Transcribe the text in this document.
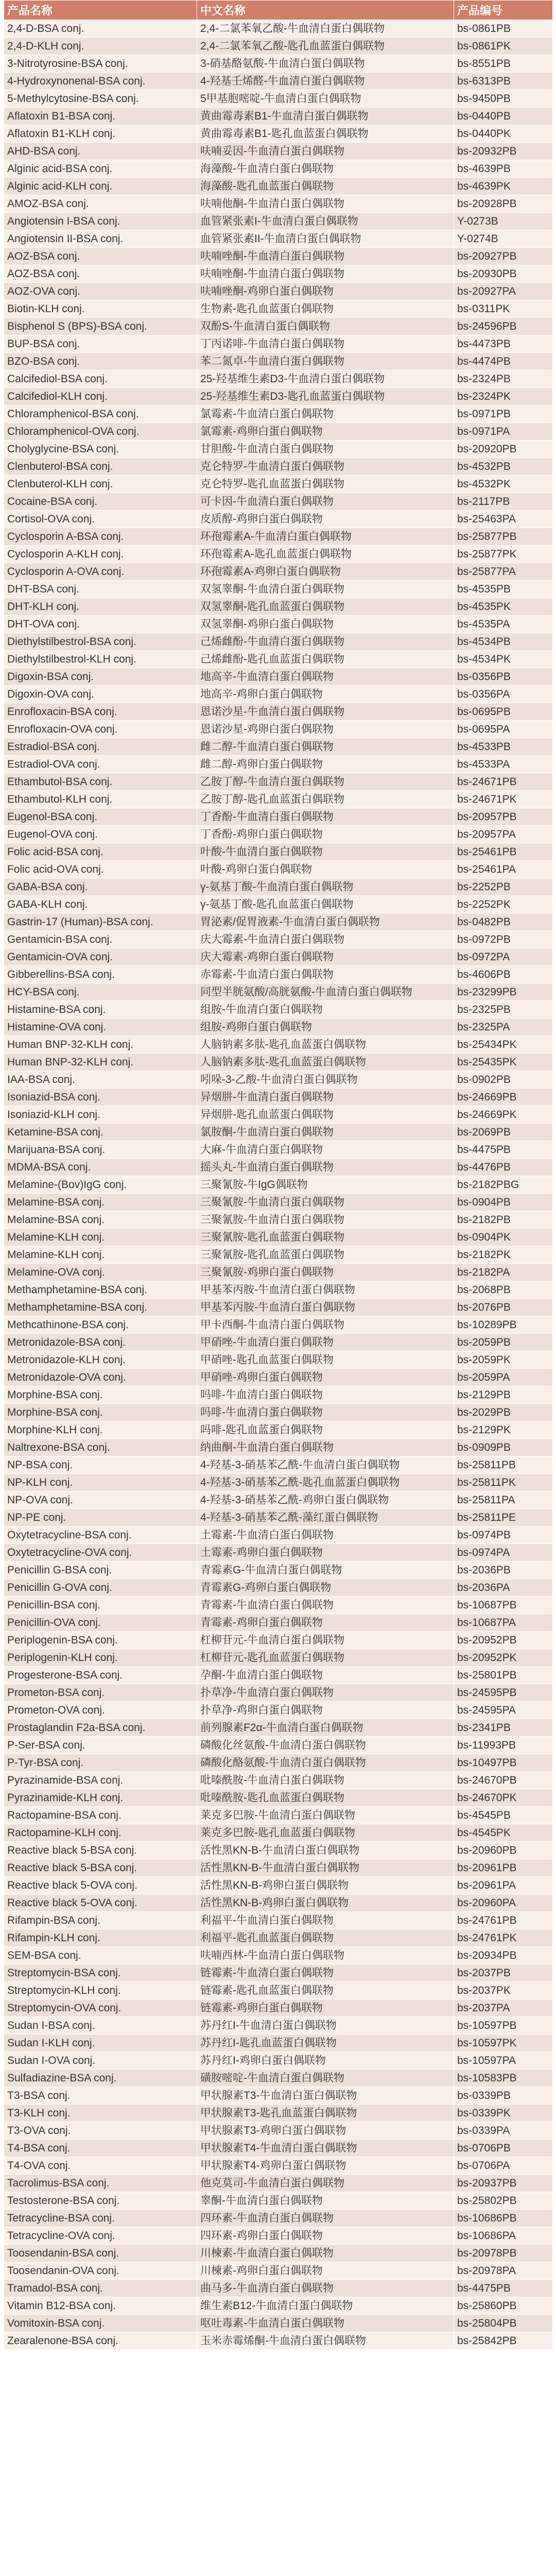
产品名称	中文名称	产品编号
2,4-D-BSA conj.	2,4-二氯苯氧乙酸-牛血清白蛋白偶联物	bs-0861PB
2,4-D-KLH conj.	2,4-二氯苯氧乙酸-匙孔血蓝蛋白偶联物	bs-0861PK
3-Nitrotyrosine-BSA conj.	3-硝基酪氨酸-牛血清白蛋白偶联物	bs-8551PB
4-Hydroxynonenal-BSA conj.	4-羟基壬烯醛-牛血清白蛋白偶联物	bs-6313PB
5-Methylcytosine-BSA conj.	5甲基胞嘧啶-牛血清白蛋白偶联物	bs-9450PB
Aflatoxin B1-BSA conj.	黄曲霉毒素B1-牛血清白蛋白偶联物	bs-0440PB
Aflatoxin B1-KLH conj.	黄曲霉毒素B1-匙孔血蓝蛋白偶联物	bs-0440PK
AHD-BSA conj.	呋喃妥因-牛血清白蛋白偶联物	bs-20932PB
Alginic acid-BSA conj.	海藻酸-牛血清白蛋白偶联物	bs-4639PB
Alginic acid-KLH conj.	海藻酸-匙孔血蓝蛋白偶联物	bs-4639PK
AMOZ-BSA conj.	呋喃他酮-牛血清白蛋白偶联物	bs-20928PB
Angiotensin I-BSA conj.	血管紧张素I-牛血清白蛋白偶联物	Y-0273B
Angiotensin II-BSA conj.	血管紧张素II-牛血清白蛋白偶联物	Y-0274B
AOZ-BSA conj.	呋喃唑酮-牛血清白蛋白偶联物	bs-20927PB
AOZ-BSA conj.	呋喃唑酮-牛血清白蛋白偶联物	bs-20930PB
AOZ-OVA conj.	呋喃唑酮-鸡卵白蛋白偶联物	bs-20927PA
Biotin-KLH conj.	生物素-匙孔血蓝蛋白偶联物	bs-0311PK
Bisphenol S (BPS)-BSA conj.	双酚S-牛血清白蛋白偶联物	bs-24596PB
BUP-BSA conj.	丁丙诺啡-牛血清白蛋白偶联物	bs-4473PB
BZO-BSA conj.	苯二氮卓-牛血清白蛋白偶联物	bs-4474PB
Calcifediol-BSA conj.	25-羟基维生素D3-牛血清白蛋白偶联物	bs-2324PB
Calcifediol-KLH conj.	25-羟基维生素D3-匙孔血蓝蛋白偶联物	bs-2324PK
Chloramphenicol-BSA conj.	氯霉素-牛血清白蛋白偶联物	bs-0971PB
Chloramphenicol-OVA conj.	氯霉素-鸡卵白蛋白偶联物	bs-0971PA
Cholyglycine-BSA conj.	甘胆酸-牛血清白蛋白偶联物	bs-20920PB
Clenbuterol-BSA conj.	克仑特罗-牛血清白蛋白偶联物	bs-4532PB
Clenbuterol-KLH conj.	克仑特罗-匙孔血蓝蛋白偶联物	bs-4532PK
Cocaine-BSA conj.	可卡因-牛血清白蛋白偶联物	bs-2117PB
Cortisol-OVA conj.	皮质醇-鸡卵白蛋白偶联物	bs-25463PA
Cyclosporin A-BSA conj.	环孢霉素A-牛血清白蛋白偶联物	bs-25877PB
Cyclosporin A-KLH conj.	环孢霉素A-匙孔血蓝蛋白偶联物	bs-25877PK
Cyclosporin A-OVA conj.	环孢霉素A-鸡卵白蛋白偶联物	bs-25877PA
DHT-BSA conj.	双氢睾酮-牛血清白蛋白偶联物	bs-4535PB
DHT-KLH conj.	双氢睾酮-匙孔血蓝蛋白偶联物	bs-4535PK
DHT-OVA conj.	双氢睾酮-鸡卵白蛋白偶联物	bs-4535PA
Diethylstilbestrol-BSA conj.	己烯雌酚-牛血清白蛋白偶联物	bs-4534PB
Diethylstilbestrol-KLH conj.	己烯雌酚-匙孔血蓝蛋白偶联物	bs-4534PK
Digoxin-BSA conj.	地高辛-牛血清白蛋白偶联物	bs-0356PB
Digoxin-OVA conj.	地高辛-鸡卵白蛋白偶联物	bs-0356PA
Enrofloxacin-BSA conj.	恩诺沙星-牛血清白蛋白偶联物	bs-0695PB
Enrofloxacin-OVA conj.	恩诺沙星-鸡卵白蛋白偶联物	bs-0695PA
Estradiol-BSA conj.	雌二醇-牛血清白蛋白偶联物	bs-4533PB
Estradiol-OVA conj.	雌二醇-鸡卵白蛋白偶联物	bs-4533PA
Ethambutol-BSA conj.	乙胺丁醇-牛血清白蛋白偶联物	bs-24671PB
Ethambutol-KLH conj.	乙胺丁醇-匙孔血蓝蛋白偶联物	bs-24671PK
Eugenol-BSA conj.	丁香酚-牛血清白蛋白偶联物	bs-20957PB
Eugenol-OVA conj.	丁香酚-鸡卵白蛋白偶联物	bs-20957PA
Folic acid-BSA conj.	叶酸-牛血清白蛋白偶联物	bs-25461PB
Folic acid-OVA conj.	叶酸-鸡卵白蛋白偶联物	bs-25461PA
GABA-BSA conj.	γ-氨基丁酸-牛血清白蛋白偶联物	bs-2252PB
GABA-KLH conj.	γ-氨基丁酸-匙孔血蓝蛋白偶联物	bs-2252PK
Gastrin-17 (Human)-BSA conj.	胃泌素/促胃液素-牛血清白蛋白偶联物	bs-0482PB
Gentamicin-BSA conj.	庆大霉素-牛血清白蛋白偶联物	bs-0972PB
Gentamicin-OVA conj.	庆大霉素-鸡卵白蛋白偶联物	bs-0972PA
Gibberellins-BSA conj.	赤霉素-牛血清白蛋白偶联物	bs-4606PB
HCY-BSA conj.	同型半胱氨酸/高胱氨酸-牛血清白蛋白偶联物	bs-23299PB
Histamine-BSA conj.	组胺-牛血清白蛋白偶联物	bs-2325PB
Histamine-OVA conj.	组胺-鸡卵白蛋白偶联物	bs-2325PA
Human BNP-32-KLH conj.	人脑钠素多肽-匙孔血蓝蛋白偶联物	bs-25434PK
Human BNP-32-KLH conj.	人脑钠素多肽-匙孔血蓝蛋白偶联物	bs-25435PK
IAA-BSA conj.	吲哚-3-乙酸-牛血清白蛋白偶联物	bs-0902PB
Isoniazid-BSA conj.	异烟肼-牛血清白蛋白偶联物	bs-24669PB
Isoniazid-KLH conj.	异烟肼-匙孔血蓝蛋白偶联物	bs-24669PK
Ketamine-BSA conj.	氯胺酮-牛血清白蛋白偶联物	bs-2069PB
Marijuana-BSA conj.	大麻-牛血清白蛋白偶联物	bs-4475PB
MDMA-BSA conj.	摇头丸-牛血清白蛋白偶联物	bs-4476PB
Melamine-(Bov)IgG conj.	三聚氰胺-牛IgG偶联物	bs-2182PBG
Melamine-BSA conj.	三聚氰胺-牛血清白蛋白偶联物	bs-0904PB
Melamine-BSA conj.	三聚氰胺-牛血清白蛋白偶联物	bs-2182PB
Melamine-KLH conj.	三聚氰胺-匙孔血蓝蛋白偶联物	bs-0904PK
Melamine-KLH conj.	三聚氰胺-匙孔血蓝蛋白偶联物	bs-2182PK
Melamine-OVA conj.	三聚氰胺-鸡卵白蛋白偶联物	bs-2182PA
Methamphetamine-BSA conj.	甲基苯丙胺-牛血清白蛋白偶联物	bs-2068PB
Methamphetamine-BSA conj.	甲基苯丙胺-牛血清白蛋白偶联物	bs-2076PB
Methcathinone-BSA conj.	甲卡西酮-牛血清白蛋白偶联物	bs-10289PB
Metronidazole-BSA conj.	甲硝唑-牛血清白蛋白偶联物	bs-2059PB
Metronidazole-KLH conj.	甲硝唑-匙孔血蓝蛋白偶联物	bs-2059PK
Metronidazole-OVA conj.	甲硝唑-鸡卵白蛋白偶联物	bs-2059PA
Morphine-BSA conj.	吗啡-牛血清白蛋白偶联物	bs-2129PB
Morphine-BSA conj.	吗啡-牛血清白蛋白偶联物	bs-2029PB
Morphine-KLH conj.	吗啡-匙孔血蓝蛋白偶联物	bs-2129PK
Naltrexone-BSA conj.	纳曲酮-牛血清白蛋白偶联物	bs-0909PB
NP-BSA conj.	4-羟基-3-硝基苯乙酰-牛血清白蛋白偶联物	bs-25811PB
NP-KLH conj.	4-羟基-3-硝基苯乙酰-匙孔血蓝蛋白偶联物	bs-25811PK
NP-OVA conj.	4-羟基-3-硝基苯乙酰-鸡卵白蛋白偶联物	bs-25811PA
NP-PE conj.	4-羟基-3-硝基苯乙酰-藻红蛋白偶联物	bs-25811PE
Oxytetracycline-BSA conj.	土霉素-牛血清白蛋白偶联物	bs-0974PB
Oxytetracycline-OVA conj.	土霉素-鸡卵白蛋白偶联物	bs-0974PA
Penicillin G-BSA conj.	青霉素G-牛血清白蛋白偶联物	bs-2036PB
Penicillin G-OVA conj.	青霉素G-鸡卵白蛋白偶联物	bs-2036PA
Penicillin-BSA conj.	青霉素-牛血清白蛋白偶联物	bs-10687PB
Penicillin-OVA conj.	青霉素-鸡卵白蛋白偶联物	bs-10687PA
Periplogenin-BSA conj.	杠柳苷元-牛血清白蛋白偶联物	bs-20952PB
Periplogenin-KLH conj.	杠柳苷元-匙孔血蓝蛋白偶联物	bs-20952PK
Progesterone-BSA conj.	孕酮-牛血清白蛋白偶联物	bs-25801PB
Prometon-BSA conj.	扑草净-牛血清白蛋白偶联物	bs-24595PB
Prometon-OVA conj.	扑草净-鸡卵白蛋白偶联物	bs-24595PA
Prostaglandin F2a-BSA conj.	前列腺素F2α-牛血清白蛋白偶联物	bs-2341PB
P-Ser-BSA conj.	磷酸化丝氨酸-牛血清白蛋白偶联物	bs-11993PB
P-Tyr-BSA conj.	磷酸化酪氨酸-牛血清白蛋白偶联物	bs-10497PB
Pyrazinamide-BSA conj.	吡嗪酰胺-牛血清白蛋白偶联物	bs-24670PB
Pyrazinamide-KLH conj.	吡嗪酰胺-匙孔血蓝蛋白偶联物	bs-24670PK
Ractopamine-BSA conj.	莱克多巴胺-牛血清白蛋白偶联物	bs-4545PB
Ractopamine-KLH conj.	莱克多巴胺-匙孔血蓝蛋白偶联物	bs-4545PK
Reactive black 5-BSA conj.	活性黑KN-B-牛血清白蛋白偶联物	bs-20960PB
Reactive black 5-BSA conj.	活性黑KN-B-牛血清白蛋白偶联物	bs-20961PB
Reactive black 5-OVA conj.	活性黑KN-B-鸡卵白蛋白偶联物	bs-20961PA
Reactive black 5-OVA conj.	活性黑KN-B-鸡卵白蛋白偶联物	bs-20960PA
Rifampin-BSA conj.	利福平-牛血清白蛋白偶联物	bs-24761PB
Rifampin-KLH conj.	利福平-匙孔血蓝蛋白偶联物	bs-24761PK
SEM-BSA conj.	呋喃西林-牛血清白蛋白偶联物	bs-20934PB
Streptomycin-BSA conj.	链霉素-牛血清白蛋白偶联物	bs-2037PB
Streptomycin-KLH conj.	链霉素-匙孔血蓝蛋白偶联物	bs-2037PK
Streptomycin-OVA conj.	链霉素-鸡卵白蛋白偶联物	bs-2037PA
Sudan I-BSA conj.	苏丹红I-牛血清白蛋白偶联物	bs-10597PB
Sudan I-KLH conj.	苏丹红I-匙孔血蓝蛋白偶联物	bs-10597PK
Sudan I-OVA conj.	苏丹红I-鸡卵白蛋白偶联物	bs-10597PA
Sulfadiazine-BSA conj.	磺胺嘧啶-牛血清白蛋白偶联物	bs-10583PB
T3-BSA conj.	甲状腺素T3-牛血清白蛋白偶联物	bs-0339PB
T3-KLH conj.	甲状腺素T3-匙孔血蓝蛋白偶联物	bs-0339PK
T3-OVA conj.	甲状腺素T3-鸡卵白蛋白偶联物	bs-0339PA
T4-BSA conj.	甲状腺素T4-牛血清白蛋白偶联物	bs-0706PB
T4-OVA conj.	甲状腺素T4-鸡卵白蛋白偶联物	bs-0706PA
Tacrolimus-BSA conj.	他克莫司-牛血清白蛋白偶联物	bs-20937PB
Testosterone-BSA conj.	睾酮-牛血清白蛋白偶联物	bs-25802PB
Tetracycline-BSA conj.	四环素-牛血清白蛋白偶联物	bs-10686PB
Tetracycline-OVA conj.	四环素-鸡卵白蛋白偶联物	bs-10686PA
Toosendanin-BSA conj.	川楝素-牛血清白蛋白偶联物	bs-20978PB
Toosendanin-OVA conj.	川楝素-鸡卵白蛋白偶联物	bs-20978PA
Tramadol-BSA conj.	曲马多-牛血清白蛋白偶联物	bs-4475PB
Vitamin B12-BSA conj.	维生素B12-牛血清白蛋白偶联物	bs-25860PB
Vomitoxin-BSA conj.	呕吐毒素-牛血清白蛋白偶联物	bs-25804PB
Zearalenone-BSA conj.	玉米赤霉烯酮-牛血清白蛋白偶联物	bs-25842PB
